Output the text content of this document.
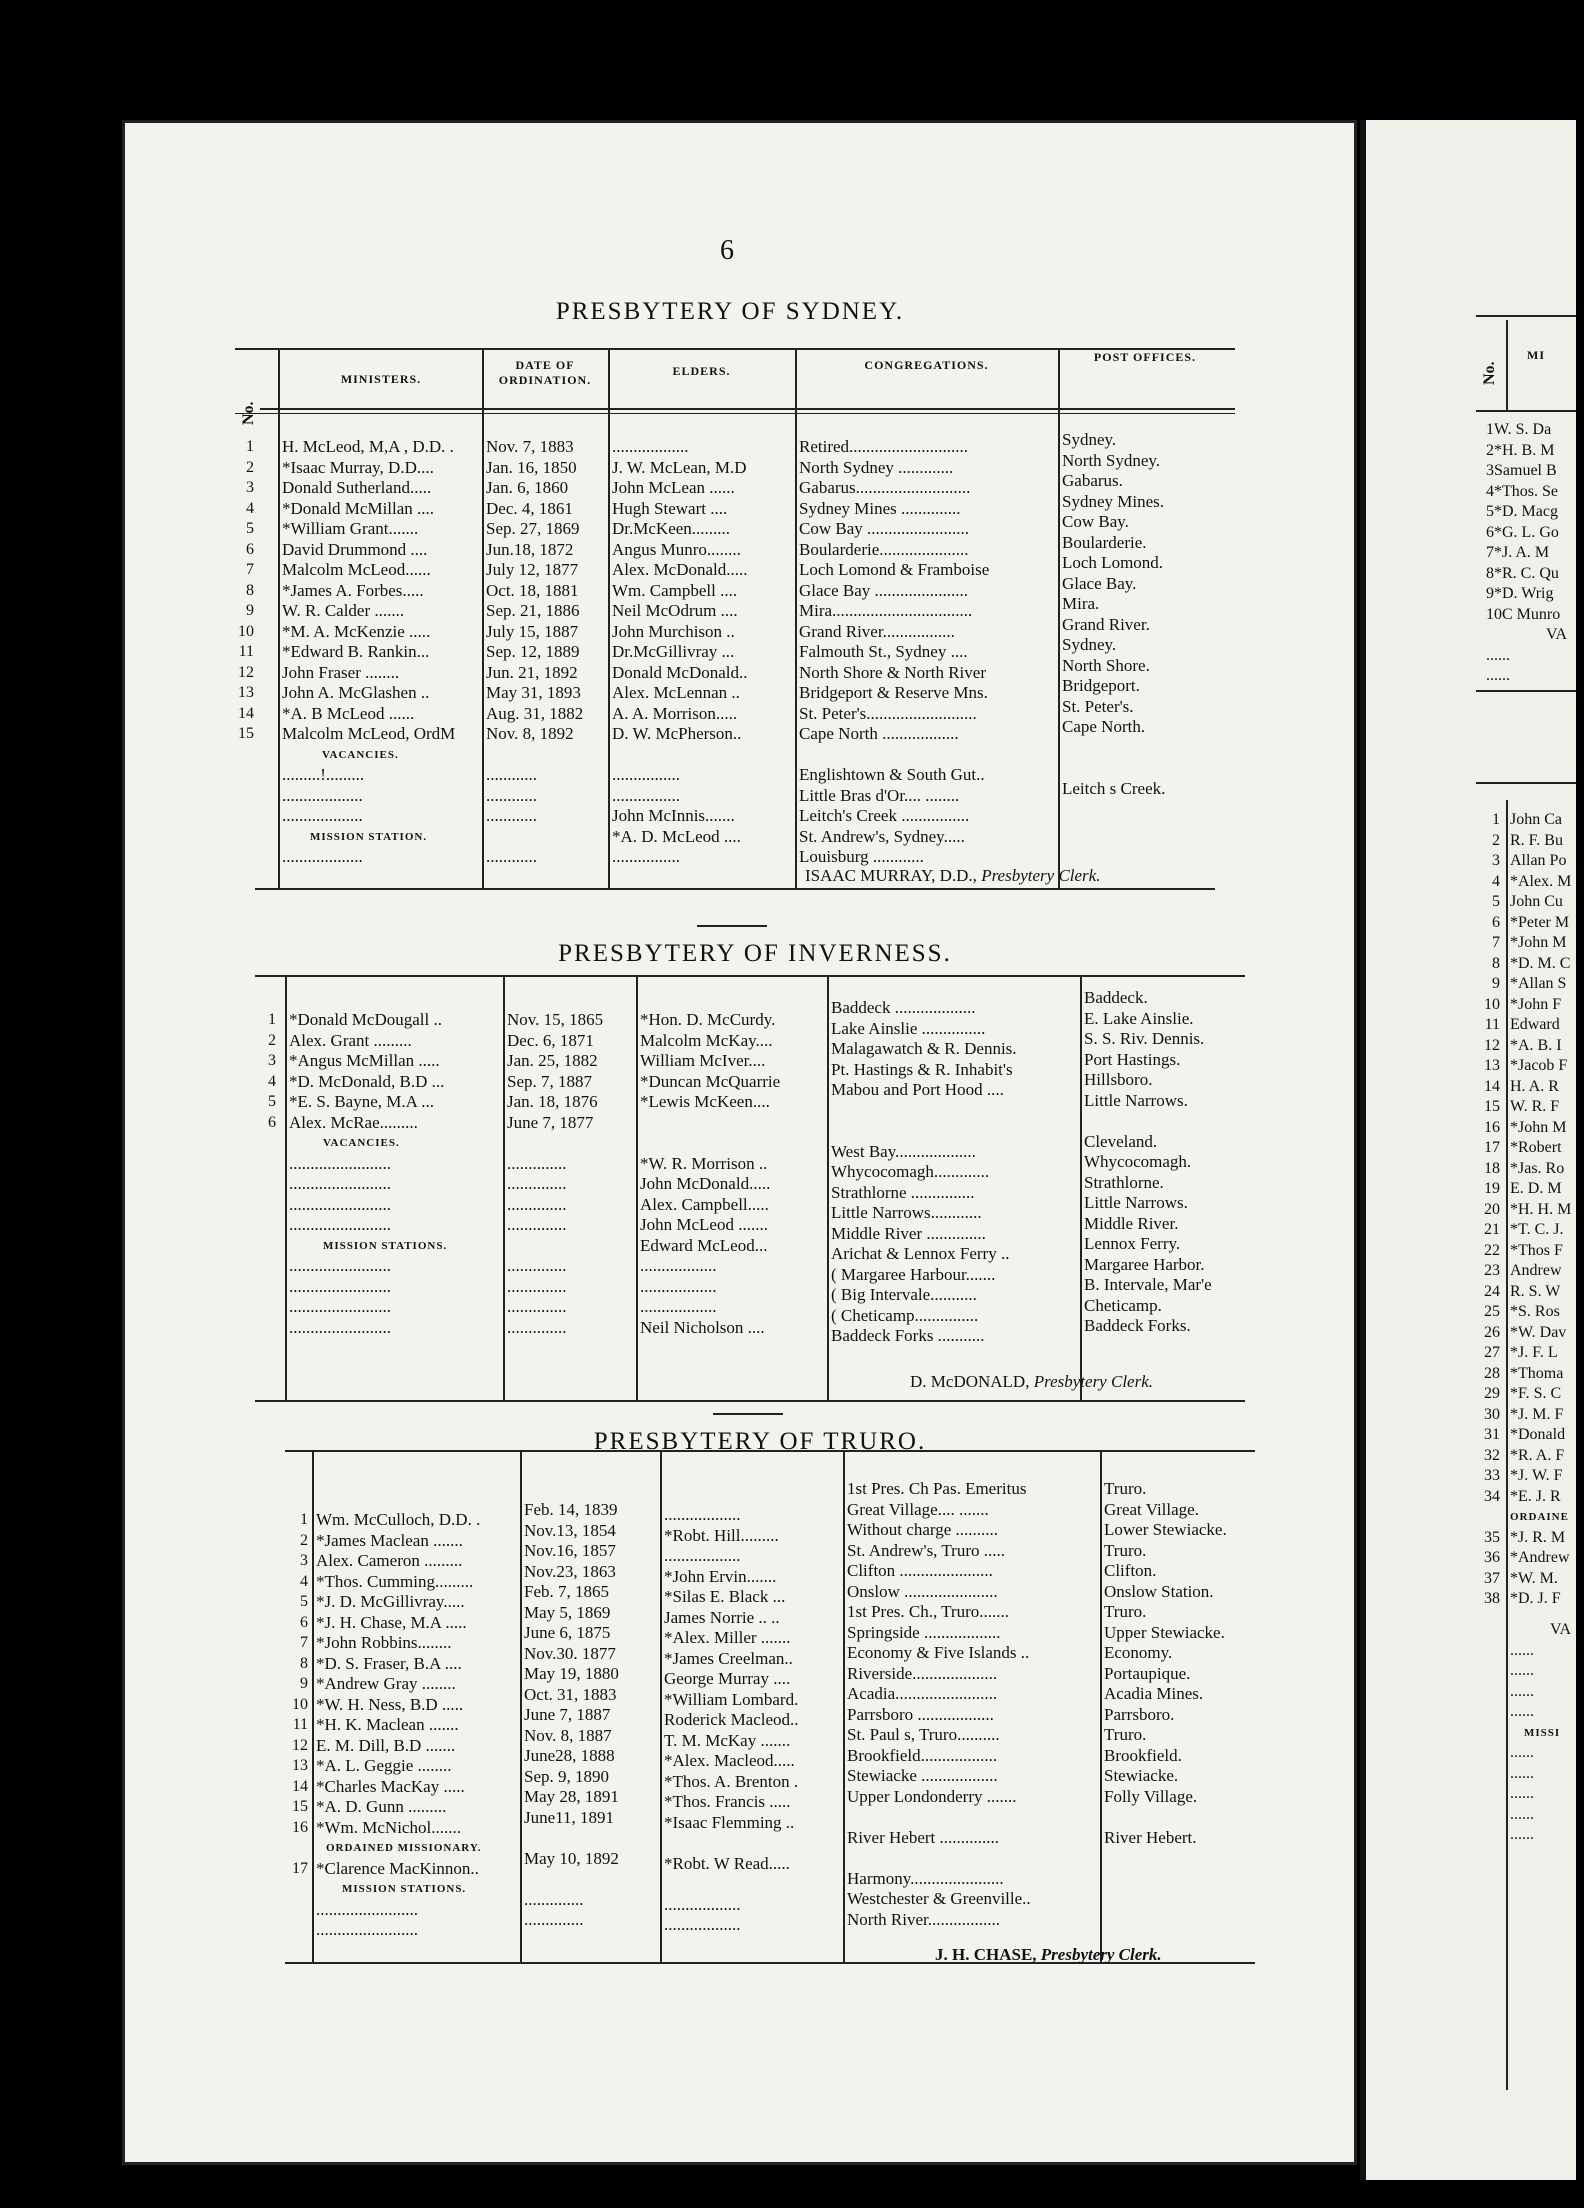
6
PRESBYTERY OF SYDNEY.
No.
MINISTERS.
DATE OF ORDINATION.
ELDERS.	CONGREGATIONS.
POST OFFICES.
1
2
3
4
5
6
7
8
9
10
11
12
13
14
15
H. McLeod, M,A , D.D. .
*Isaac Murray, D.D....
Donald Sutherland.....
*Donald McMillan ....
*William Grant.......
David Drummond ....
Malcolm McLeod......
*James A. Forbes.....
W. R. Calder .......
*M. A. McKenzie .....
*Edward B. Rankin...
John Fraser ........
John A. McGlashen ..
*A. B McLeod ......
Malcolm McLeod, OrdM
VACANCIES.
.........!.........
...................
...................
MISSION STATION.
...................
Nov. 7, 1883
Jan. 16, 1850
Jan. 6, 1860
Dec. 4, 1861
Sep. 27, 1869
Jun.18, 1872
July 12, 1877
Oct. 18, 1881
Sep. 21, 1886
July 15, 1887
Sep. 12, 1889
Jun. 21, 1892
May 31, 1893
Aug. 31, 1882
Nov. 8, 1892
............
............
............
............
..................
J. W. McLean, M.D
John McLean ......
Hugh Stewart ....
Dr.McKeen.........
Angus Munro........
Alex. McDonald.....
Wm. Campbell ....
Neil McOdrum ....
John Murchison ..
Dr.McGillivray ...
Donald McDonald..
Alex. McLennan ..
A. A. Morrison.....
D. W. McPherson..
................
................
John McInnis.......
*A. D. McLeod ....
................
Retired............................
North Sydney .............
Gabarus...........................
Sydney Mines ..............
Cow Bay ........................
Boularderie.....................
Loch Lomond & Framboise
Glace Bay ......................
Mira.................................
Grand River.................
Falmouth St., Sydney ....
North Shore & North River
Bridgeport & Reserve Mns.
St. Peter's..........................
Cape North ..................
Englishtown & South Gut..
Little Bras d'Or.... ........
Leitch's Creek ................
St. Andrew's, Sydney.....
Louisburg ............
Sydney.
North Sydney.
Gabarus.
Sydney Mines.
Cow Bay.
Boularderie.
Loch Lomond.
Glace Bay.
Mira.
Grand River.
Sydney.
North Shore.
Bridgeport.
St. Peter's.
Cape North.
Leitch s Creek.
ISAAC MURRAY, D.D., Presbytery Clerk.
PRESBYTERY OF INVERNESS.
1
2
3
4
5
6
*Donald McDougall ..
Alex. Grant .........
*Angus McMillan .....
*D. McDonald, B.D ...
*E. S. Bayne, M.A ...
Alex. McRae.........
VACANCIES.
........................
........................
........................
........................
MISSION STATIONS.
........................
........................
........................
........................
Nov. 15, 1865
Dec. 6, 1871
Jan. 25, 1882
Sep. 7, 1887
Jan. 18, 1876
June 7, 1877
..............
..............
..............
..............
..............
..............
..............
..............
*Hon. D. McCurdy.
Malcolm McKay....
William McIver....
*Duncan McQuarrie
*Lewis McKeen....
*W. R. Morrison ..
John McDonald.....
Alex. Campbell.....
John McLeod .......
Edward McLeod...
..................
..................
..................
Neil Nicholson ....
Baddeck ...................
Lake Ainslie ...............
Malagawatch & R. Dennis.
Pt. Hastings & R. Inhabit's
Mabou and Port Hood ....
West Bay...................
Whycocomagh.............
Strathlorne ...............
Little Narrows............
Middle River ..............
Arichat & Lennox Ferry ..
( Margaree Harbour.......
( Big Intervale...........
( Cheticamp...............
Baddeck Forks ...........
Baddeck.
E. Lake Ainslie.
S. S. Riv. Dennis.
Port Hastings.
Hillsboro.
Little Narrows.
Cleveland.
Whycocomagh.
Strathlorne.
Little Narrows.
Middle River.
Lennox Ferry.
Margaree Harbor.
B. Intervale, Mar'e
Cheticamp.
Baddeck Forks.
D. McDONALD, Presbytery Clerk.
PRESBYTERY OF TRURO.
1
2
3
4
5
6
7
8
9
10
11
12
13
14
15
16
17
Wm. McCulloch, D.D. .
*James Maclean .......
Alex. Cameron .........
*Thos. Cumming.........
*J. D. McGillivray.....
*J. H. Chase, M.A .....
*John Robbins........
*D. S. Fraser, B.A ....
*Andrew Gray ........
*W. H. Ness, B.D .....
*H. K. Maclean .......
E. M. Dill, B.D .......
*A. L. Geggie ........
*Charles MacKay .....
*A. D. Gunn .........
*Wm. McNichol.......
ORDAINED MISSIONARY.
*Clarence MacKinnon..
MISSION STATIONS.
........................
........................
Feb. 14, 1839
Nov.13, 1854
Nov.16, 1857
Nov.23, 1863
Feb. 7, 1865
May 5, 1869
June 6, 1875
Nov.30. 1877
May 19, 1880
Oct. 31, 1883
June 7, 1887
Nov. 8, 1887
June28, 1888
Sep. 9, 1890
May 28, 1891
June11, 1891
May 10, 1892
..............
..............
..................
*Robt. Hill.........
..................
*John Ervin.......
*Silas E. Black ...
James Norrie .. ..
*Alex. Miller .......
*James Creelman..
George Murray ....
*William Lombard.
Roderick Macleod..
T. M. McKay .......
*Alex. Macleod.....
*Thos. A. Brenton .
*Thos. Francis .....
*Isaac Flemming ..
*Robt. W Read.....
..................
..................
1st Pres. Ch Pas. Emeritus
Great Village.... .......
Without charge ..........
St. Andrew's, Truro .....
Clifton ......................
Onslow ......................
1st Pres. Ch., Truro.......
Springside ..................
Economy & Five Islands ..
Riverside....................
Acadia........................
Parrsboro ..................
St. Paul s, Truro..........
Brookfield..................
Stewiacke ..................
Upper Londonderry .......
River Hebert ..............
Harmony......................
Westchester & Greenville..
North River.................
Truro.
Great Village.
Lower Stewiacke.
Truro.
Clifton.
Onslow Station.
Truro.
Upper Stewiacke.
Economy.
Portaupique.
Acadia Mines.
Parrsboro.
Truro.
Brookfield.
Stewiacke.
Folly Village.
River Hebert.
J. H. CHASE, Presbytery Clerk.
MI
No.
1W. S. Da
2*H. B. M
3Samuel B
4*Thos. Se
5*D. Macg
6*G. L. Go
7*J. A. M
8*R. C. Qu
9*D. Wrig
10C Munro
VA
......
......
1
2
3
4
5
6
7
8
9
10
11
12
13
14
15
16
17
18
19
20
21
22
23
24
25
26
27
28
29
30
31
32
33
34
35
36
37
38
John Ca
R. F. Bu
Allan Po
*Alex. M
John Cu
*Peter M
*John M
*D. M. C
*Allan S
*John F
Edward
*A. B. I
*Jacob F
H. A. R
W. R. F
*John M
*Robert
*Jas. Ro
E. D. M
*H. H. M
*T. C. J.
*Thos F
Andrew
R. S. W
*S. Ros
*W. Dav
*J. F. L
*Thoma
*F. S. C
*J. M. F
*Donald
*R. A. F
*J. W. F
*E. J. R
ORDAINE
*J. R. M
*Andrew
*W. M.
*D. J. F
VA
......
......
......
......
MISSI
......
......
......
......
......
